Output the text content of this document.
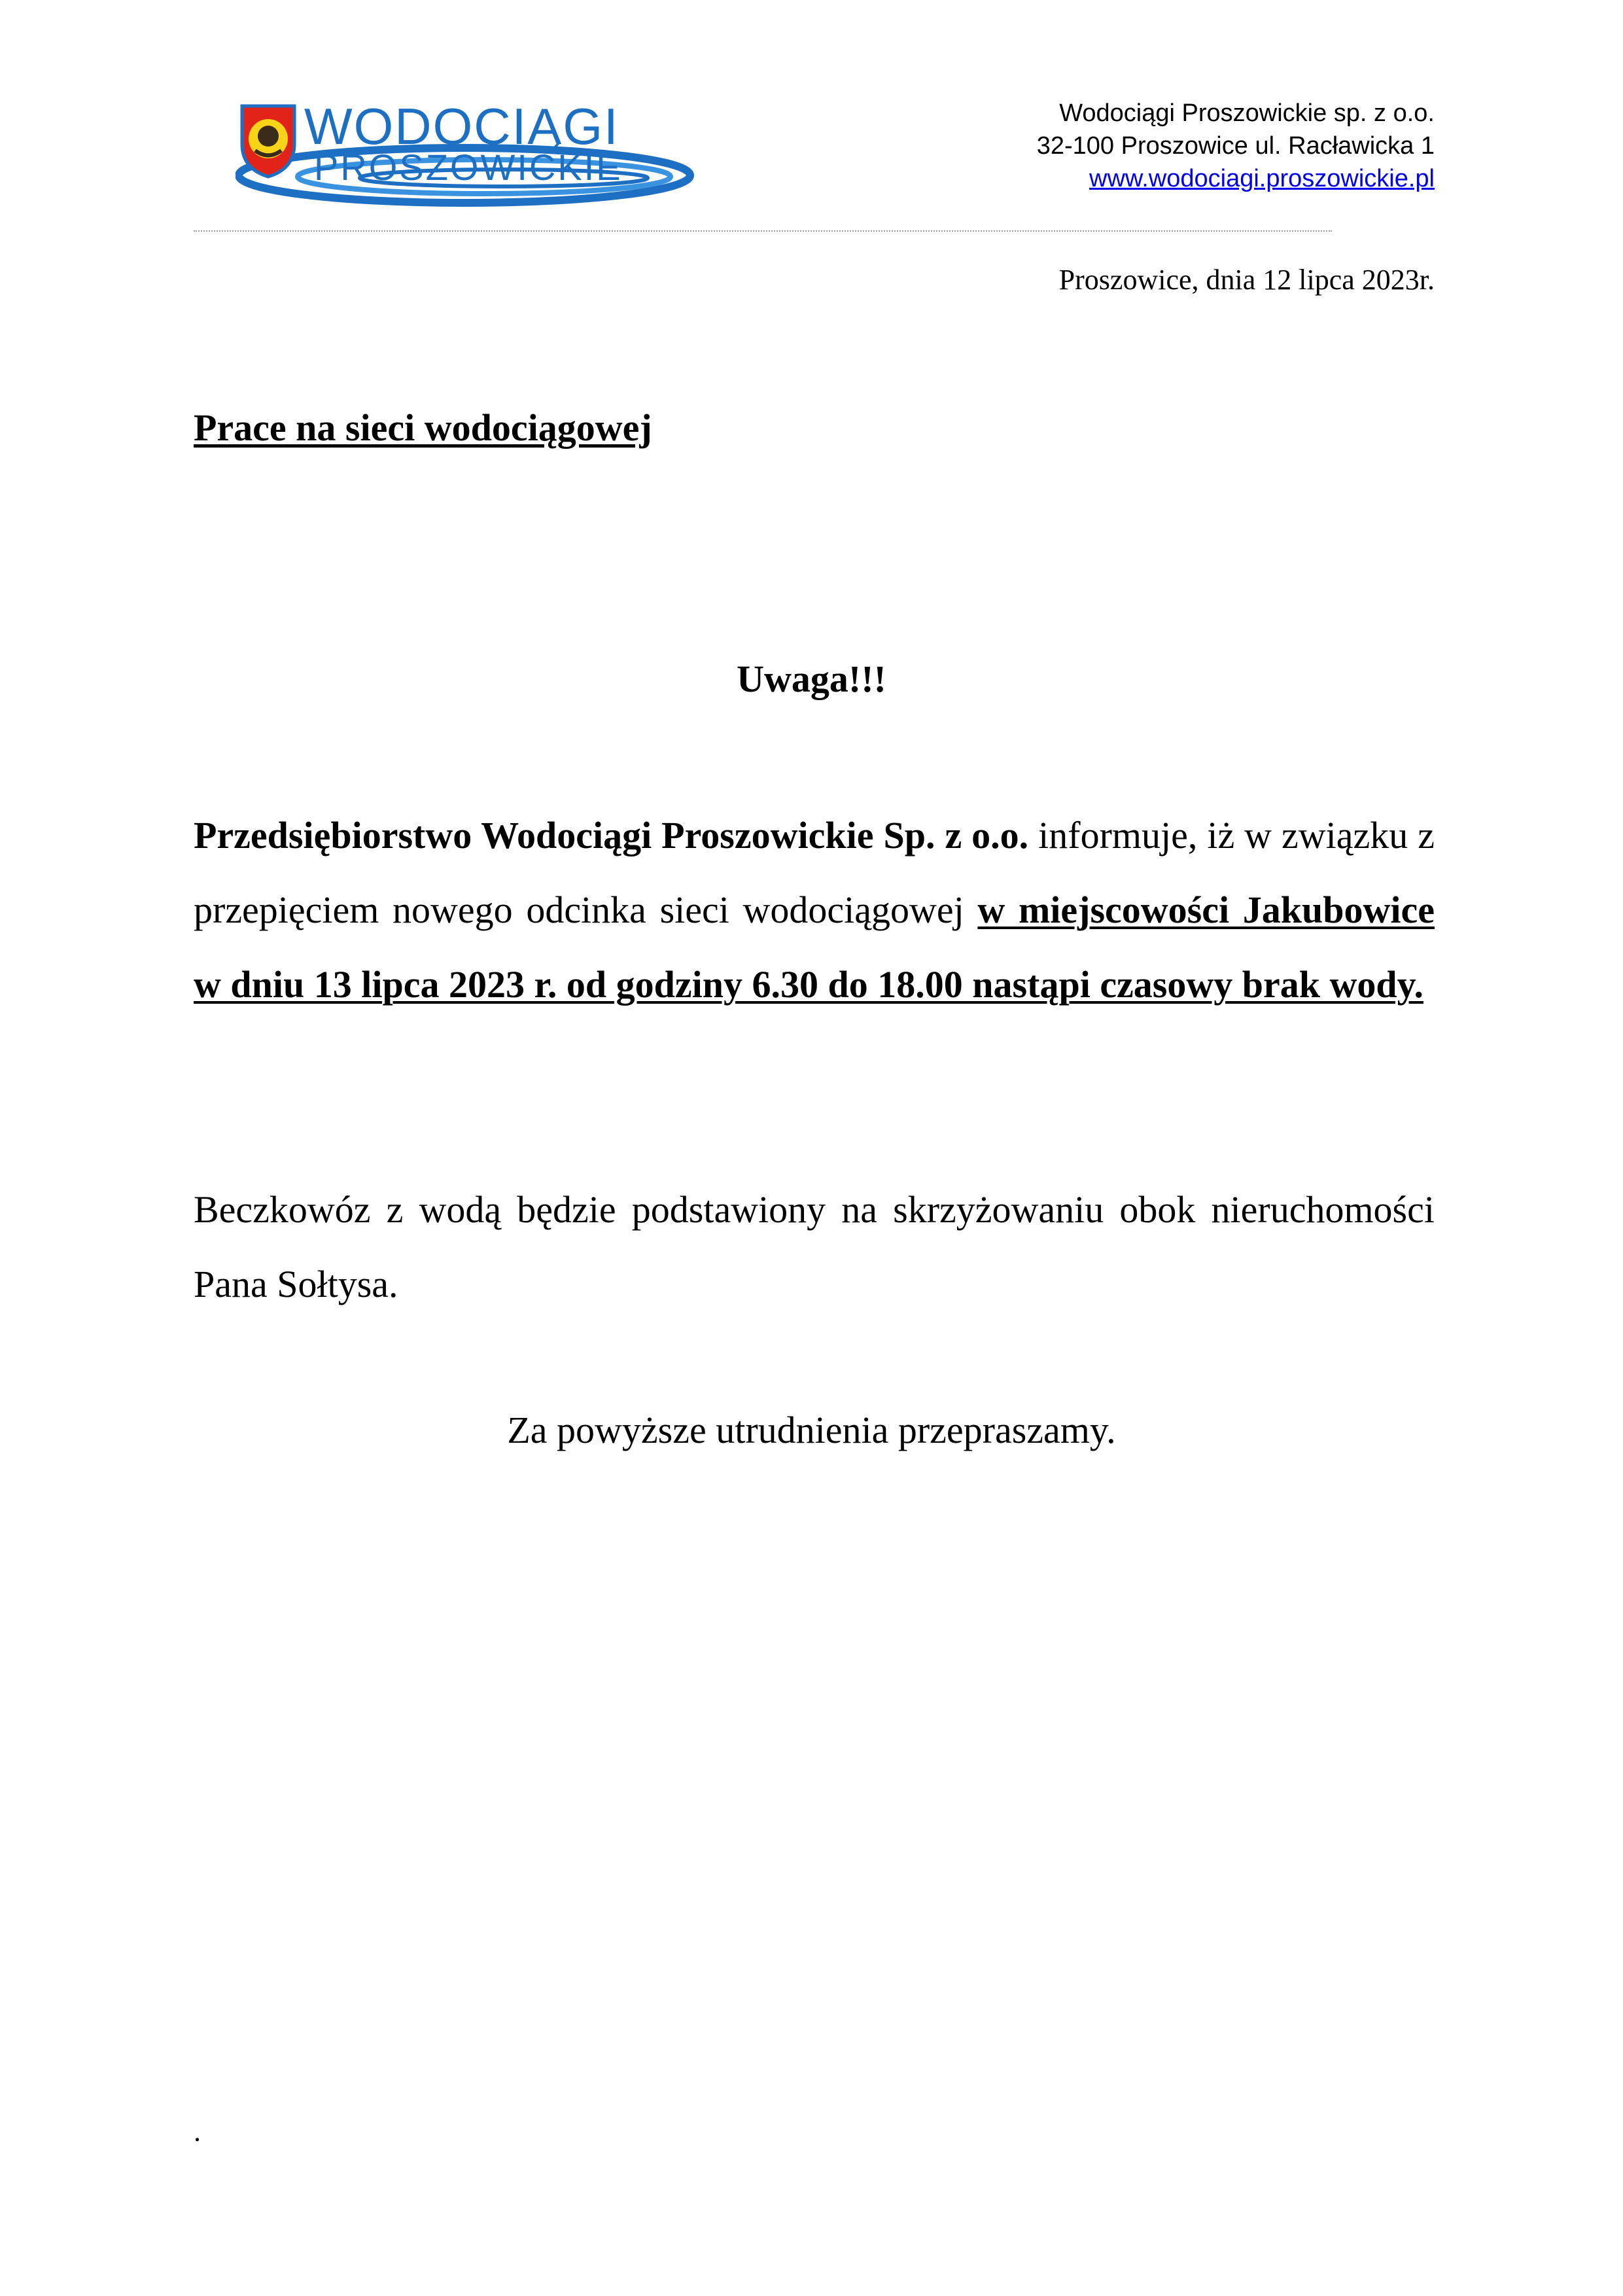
WODOCIĄGI
PROSZOWICKIE
Wodociągi Proszowickie sp. z o.o.
32-100 Proszowice ul. Racławicka 1
www.wodociagi.proszowickie.pl
Proszowice, dnia 12 lipca 2023r.
Prace na sieci wodociągowej
Uwaga!!!
Przedsiębiorstwo Wodociągi Proszowickie Sp. z o.o. informuje, iż w związku z przepięciem nowego odcinka sieci wodociągowej w miejscowości Jakubowice w dniu 13 lipca 2023 r. od godziny 6.30 do 18.00 nastąpi czasowy brak wody.
Beczkowóz z wodą będzie podstawiony na skrzyżowaniu obok nieruchomości Pana Sołtysa.
Za powyższe utrudnienia przepraszamy.
.
